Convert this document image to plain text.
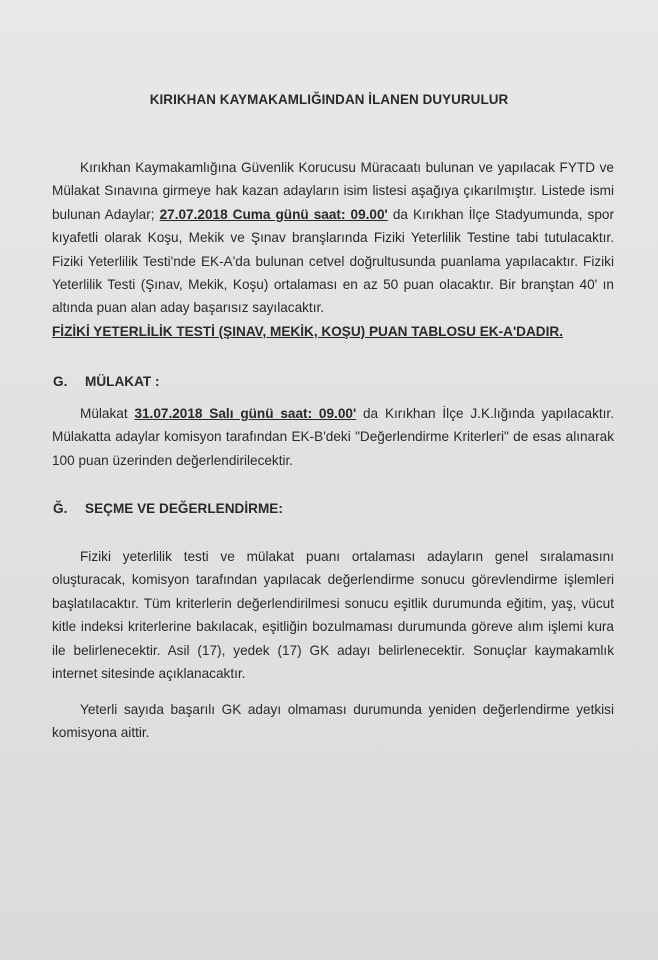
KIRIKHAN KAYMAKAMLIĞINDAN İLANEN DUYURULUR

Kırıkhan Kaymakamlığına Güvenlik Korucusu Müracaatı bulunan ve yapılacak FYTD ve Mülakat Sınavına girmeye hak kazan adayların isim listesi aşağıya çıkarılmıştır. Listede ismi bulunan Adaylar; 27.07.2018 Cuma günü saat: 09.00' da Kırıkhan İlçe Stadyumunda, spor kıyafetli olarak Koşu, Mekik ve Şınav branşlarında Fiziki Yeterlilik Testine tabi tutulacaktır. Fiziki Yeterlilik Testi'nde EK-A'da bulunan cetvel doğrultusunda puanlama yapılacaktır. Fiziki Yeterlilik Testi (Şınav, Mekik, Koşu) ortalaması en az 50 puan olacaktır. Bir branştan 40' ın altında puan alan aday başarısız sayılacaktır.

FİZİKİ YETERLİLİK TESTİ (ŞINAV, MEKİK, KOŞU) PUAN TABLOSU EK-A'DADIR.

G. MÜLAKAT :

Mülakat 31.07.2018 Salı günü saat: 09.00' da Kırıkhan İlçe J.K.lığında yapılacaktır. Mülakatta adaylar komisyon tarafından EK-B'deki "Değerlendirme Kriterleri" de esas alınarak 100 puan üzerinden değerlendirilecektir.

Ğ. SEÇME VE DEĞERLENDİRME:

Fiziki yeterlilik testi ve mülakat puanı ortalaması adayların genel sıralamasını oluşturacak, komisyon tarafından yapılacak değerlendirme sonucu görevlendirme işlemleri başlatılacaktır. Tüm kriterlerin değerlendirilmesi sonucu eşitlik durumunda eğitim, yaş, vücut kitle indeksi kriterlerine bakılacak, eşitliğin bozulmaması durumunda göreve alım işlemi kura ile belirlenecektir. Asil (17), yedek (17) GK adayı belirlenecektir. Sonuçlar kaymakamlık internet sitesinde açıklanacaktır.

Yeterli sayıda başarılı GK adayı olmaması durumunda yeniden değerlendirme yetkisi komisyona aittir.
